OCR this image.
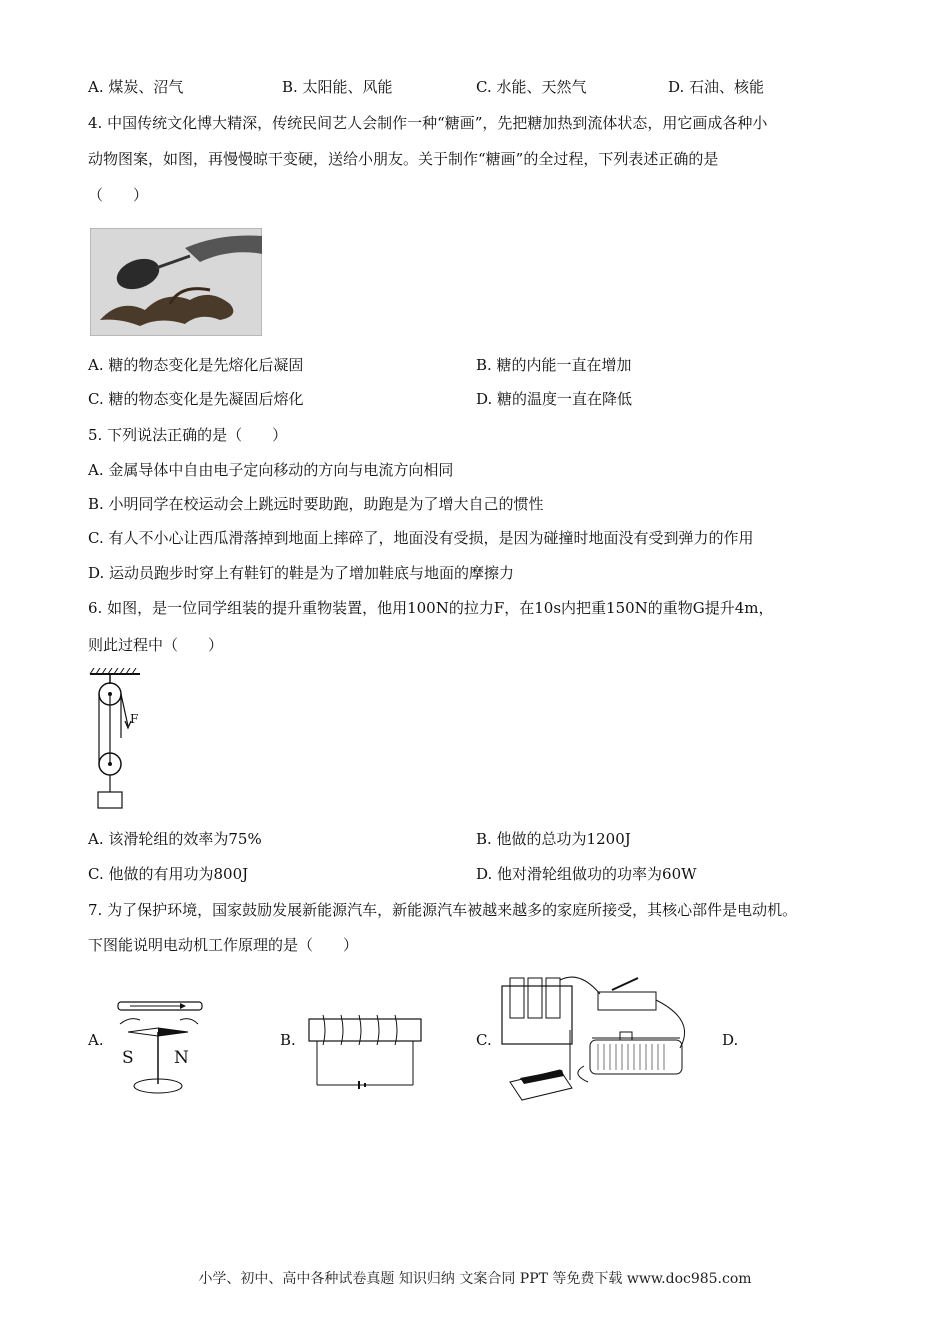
A. 煤炭、沼气	B. 太阳能、风能	C. 水能、天然气	D. 石油、核能
4. 中国传统文化博大精深，传统民间艺人会制作一种“糖画”，先把糖加热到流体状态，用它画成各种小
动物图案，如图，再慢慢晾干变硬，送给小朋友。关于制作“糖画”的全过程，下列表述正确的是
（　　）
A. 糖的物态变化是先熔化后凝固	B. 糖的内能一直在增加
C. 糖的物态变化是先凝固后熔化	D. 糖的温度一直在降低
5. 下列说法正确的是（　　）
A. 金属导体中自由电子定向移动的方向与电流方向相同
B. 小明同学在校运动会上跳远时要助跑，助跑是为了增大自己的惯性
C. 有人不小心让西瓜滑落掉到地面上摔碎了，地面没有受损，是因为碰撞时地面没有受到弹力的作用
D. 运动员跑步时穿上有鞋钉的鞋是为了增加鞋底与地面的摩擦力
6. 如图，是一位同学组装的提升重物装置，他用100N的拉力F，在10s内把重150N的重物G提升4m，
则此过程中（　　）
F
A. 该滑轮组的效率为75%	B. 他做的总功为1200J
C. 他做的有用功为800J	D. 他对滑轮组做功的功率为60W
7. 为了保护环境，国家鼓励发展新能源汽车，新能源汽车被越来越多的家庭所接受，其核心部件是电动机。
下图能说明电动机工作原理的是（　　）
A.
S N
B.	C.	D.
小学、初中、高中各种试卷真题 知识归纳 文案合同 PPT 等免费下载 www.doc985.com
